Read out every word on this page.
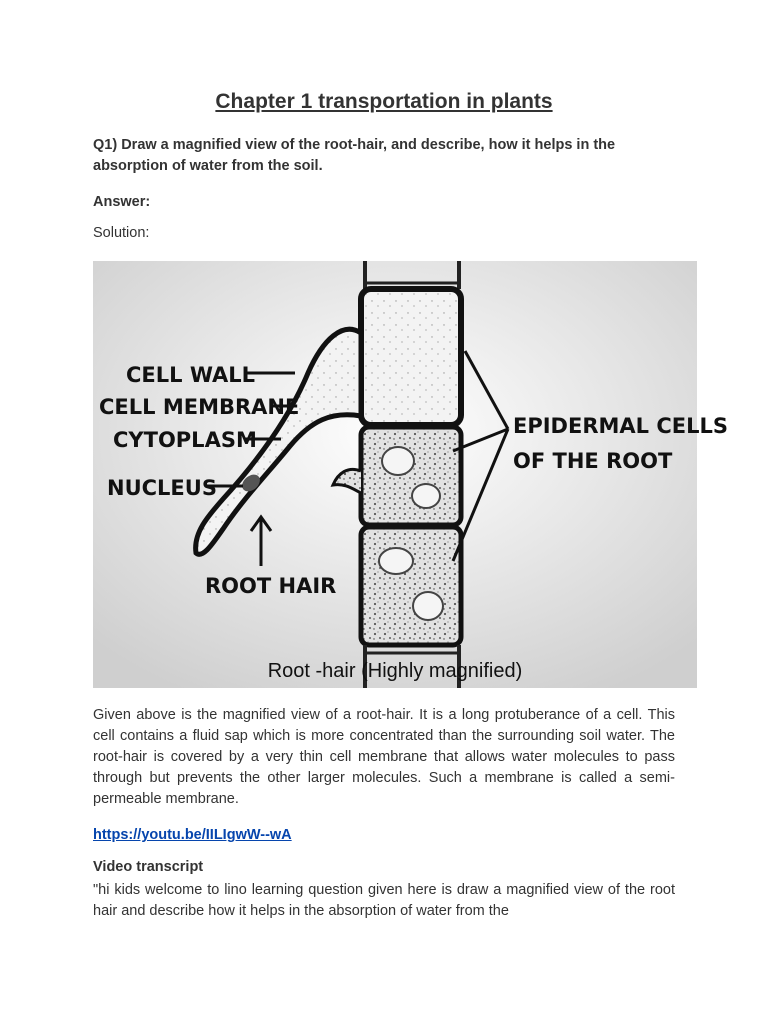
Chapter 1 transportation in plants
Q1) Draw a magnified view of the root-hair, and describe, how it helps in the absorption of water from the soil.
Answer:
Solution:
CELL WALL
CELL MEMBRANE
CYTOPLASM
NUCLEUS
ROOT HAIR
EPIDERMAL CELLS
OF THE ROOT
Root -hair (Highly magnified)
Given above is the magnified view of a root-hair. It is a long protuberance of a cell. This cell contains a fluid sap which is more concentrated than the surrounding soil water. The root-hair is covered by a very thin cell membrane that allows water molecules to pass through but prevents the other larger molecules. Such a membrane is called a semi-permeable membrane.
https://youtu.be/IILIgwW--wA
Video transcript
"hi kids welcome to lino learning question given here is draw a magnified view of the root hair and describe how it helps in the absorption of water from the
